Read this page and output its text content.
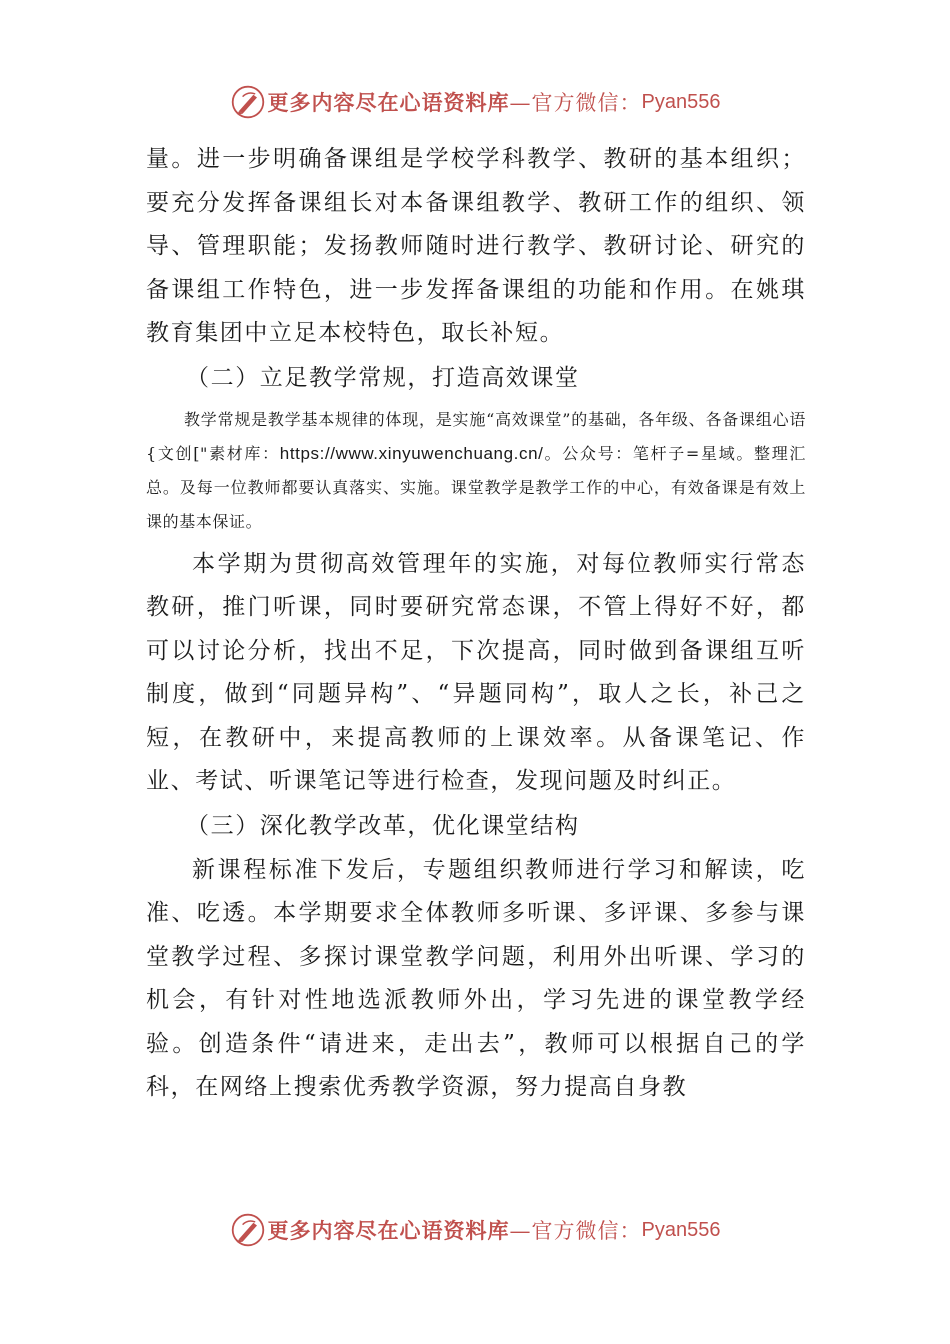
更多内容尽在心语资料库 —官方微信： Pyan556

量。进一步明确备课组是学校学科教学、教研的基本组织；要充分发挥备课组长对本备课组教学、教研工作的组织、领导、管理职能；发扬教师随时进行教学、教研讨论、研究的备课组工作特色，进一步发挥备课组的功能和作用。在姚琪教育集团中立足本校特色，取长补短。

（二）立足教学常规，打造高效课堂

教学常规是教学基本规律的体现，是实施“高效课堂”的基础，各年级、各备课组心语{文创["素材库：https://www.xinyuwenchuang.cn/。公众号：笔杆子=星域。整理汇总。及每一位教师都要认真落实、实施。课堂教学是教学工作的中心，有效备课是有效上课的基本保证。

本学期为贯彻高效管理年的实施，对每位教师实行常态教研，推门听课，同时要研究常态课，不管上得好不好，都可以讨论分析，找出不足，下次提高，同时做到备课组互听制度，做到“同题异构”、“异题同构”，取人之长，补己之短，在教研中，来提高教师的上课效率。从备课笔记、作业、考试、听课笔记等进行检查，发现问题及时纠正。

（三）深化教学改革，优化课堂结构

新课程标准下发后，专题组织教师进行学习和解读，吃准、吃透。本学期要求全体教师多听课、多评课、多参与课堂教学过程、多探讨课堂教学问题，利用外出听课、学习的机会，有针对性地选派教师外出，学习先进的课堂教学经验。创造条件“请进来，走出去”，教师可以根据自己的学科，在网络上搜索优秀教学资源，努力提高自身教

更多内容尽在心语资料库 —官方微信： Pyan556
